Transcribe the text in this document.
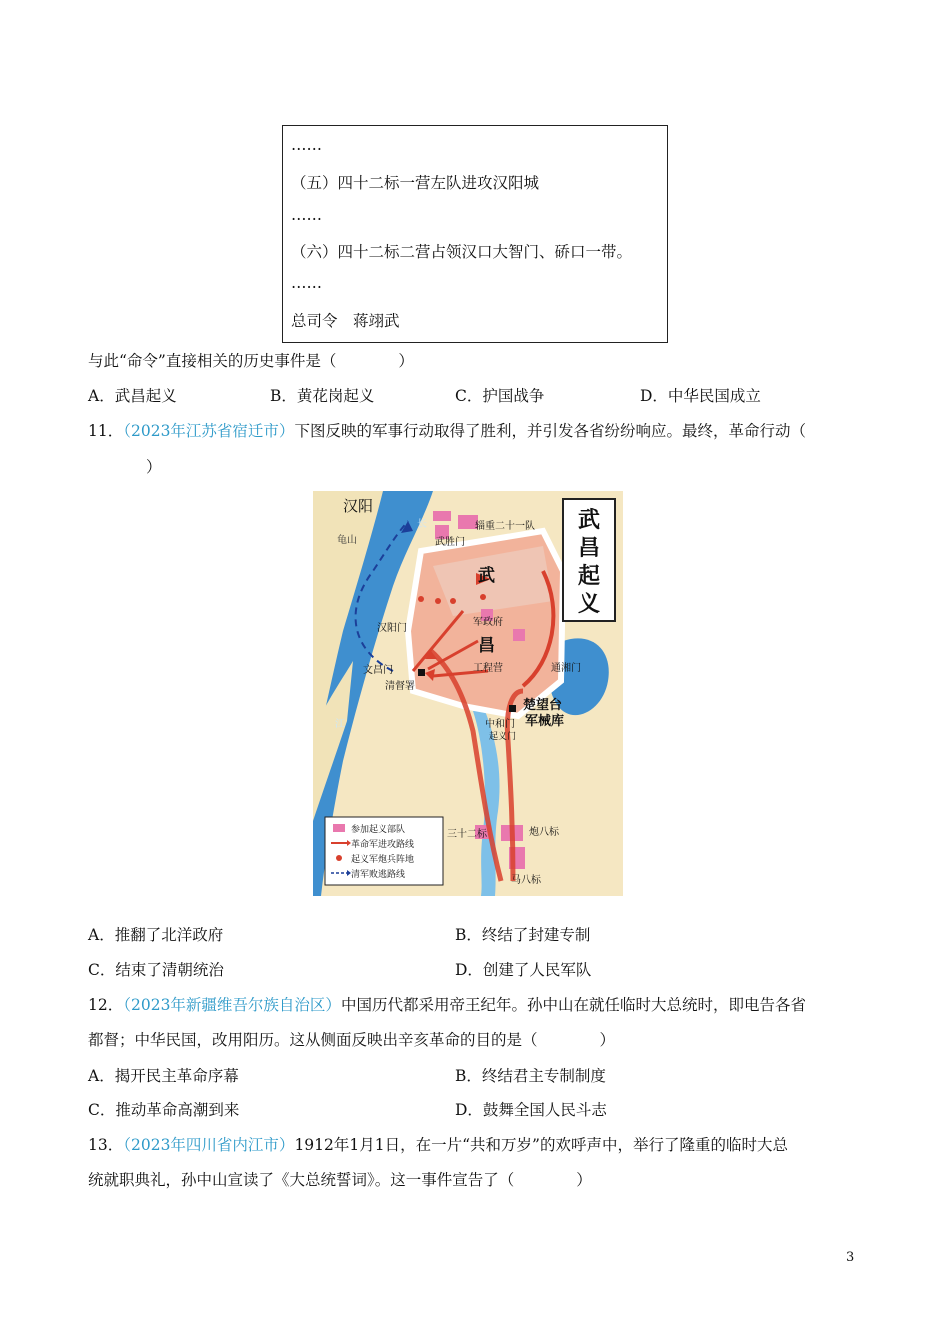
……
（五）四十二标一营左队进攻汉阳城
……
（六）四十二标二营占领汉口大智门、硚口一带。
……
总司令　蒋翊武
与此“命令”直接相关的历史事件是（　　　　）
A．武昌起义	B．黄花岗起义	C．护国战争	D．中华民国成立
11．（2023年江苏省宿迁市）下图反映的军事行动取得了胜利，并引发各省纷纷响应。最终，革命行动（
）
武
昌
起
义
汉阳
龟山
长
江
武
昌
武胜门
辎重二十一队
汉阳门
军政府
工程营
文昌门
清督署
通湘门
楚望台
军械库
中和门
起义门
三十二标	炮八标
马八标
参加起义部队
革命军进攻路线
起义军炮兵阵地
清军败逃路线
A．推翻了北洋政府	B．终结了封建专制
C．结束了清朝统治	D．创建了人民军队
12．（2023年新疆维吾尔族自治区）中国历代都采用帝王纪年。孙中山在就任临时大总统时，即电告各省
都督；中华民国，改用阳历。这从侧面反映出辛亥革命的目的是（　　　　）
A．揭开民主革命序幕	B．终结君主专制制度
C．推动革命高潮到来	D．鼓舞全国人民斗志
13．（2023年四川省内江市）1912年1月1日，在一片“共和万岁”的欢呼声中，举行了隆重的临时大总
统就职典礼，孙中山宣读了《大总统誓词》。这一事件宣告了（　　　　）
3
